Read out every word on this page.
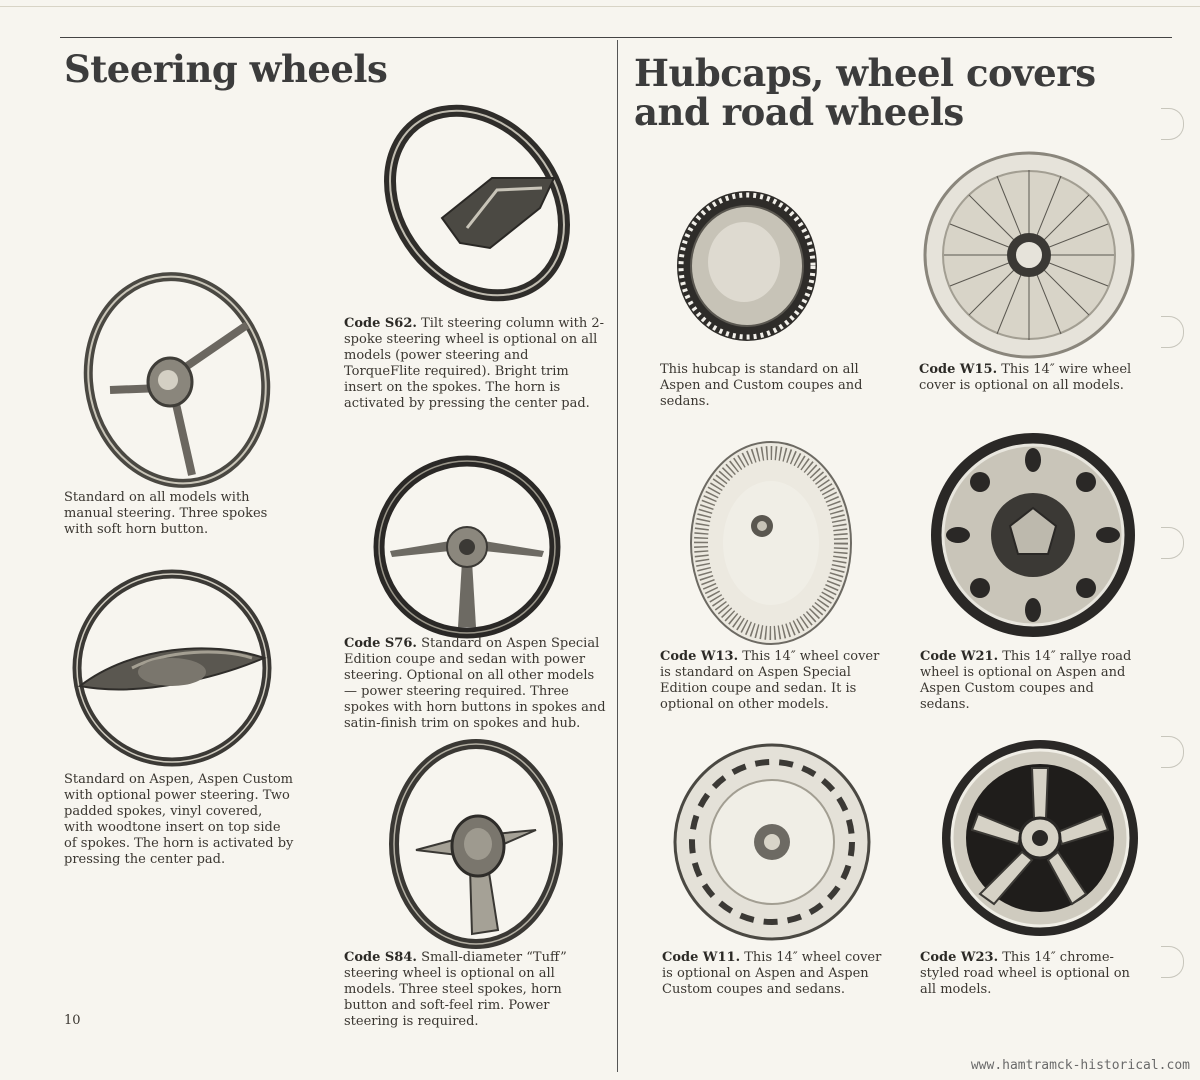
Steering wheels
Standard on all models with manual steering. Three spokes with soft horn button.
Standard on Aspen, Aspen Custom with optional power steering. Two padded spokes, vinyl covered, with woodtone insert on top side of spokes. The horn is activated by pressing the center pad.
Code S62. Tilt steering column with 2-spoke steering wheel is optional on all models (power steering and TorqueFlite required). Bright trim insert on the spokes. The horn is activated by pressing the center pad.
Code S76. Standard on Aspen Special Edition coupe and sedan with power steering. Optional on all other models — power steering required. Three spokes with horn buttons in spokes and satin-finish trim on spokes and hub.
Code S84. Small-diameter “Tuff” steering wheel is optional on all models. Three steel spokes, horn button and soft-feel rim. Power steering is required.
10
Hubcaps, wheel covers
and road wheels
This hubcap is standard on all Aspen and Custom coupes and sedans.
Code W15. This 14″ wire wheel cover is optional on all models.
Code W13. This 14″ wheel cover is standard on Aspen Special Edition coupe and sedan. It is optional on other models.
Code W21. This 14″ rallye road wheel is optional on Aspen and Aspen Custom coupes and sedans.
Code W11. This 14″ wheel cover is optional on Aspen and Aspen Custom coupes and sedans.
Code W23. This 14″ chrome-styled road wheel is optional on all models.
www.hamtramck-historical.com
